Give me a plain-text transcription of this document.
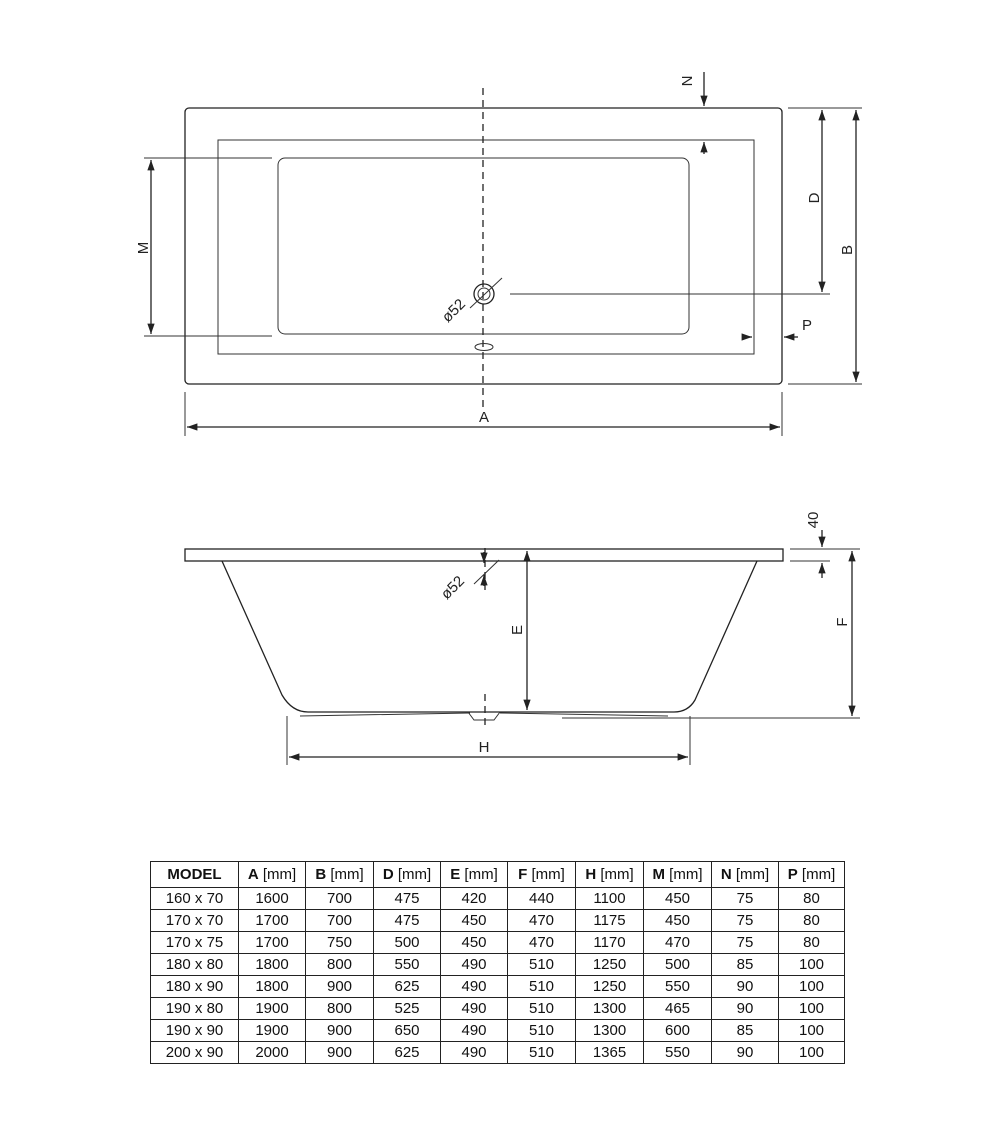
M
N
D
B
P
A
ø52
ø52
E
40
F
H
MODEL	A [mm]	B [mm]	D [mm]	E [mm]	F [mm]	H [mm]	M [mm]	N [mm]	P [mm]
160 x 70	1600	700	475	420	440	1100	450	75	80
170 x 70	1700	700	475	450	470	1175	450	75	80
170 x 75	1700	750	500	450	470	1170	470	75	80
180 x 80	1800	800	550	490	510	1250	500	85	100
180 x 90	1800	900	625	490	510	1250	550	90	100
190 x 80	1900	800	525	490	510	1300	465	90	100
190 x 90	1900	900	650	490	510	1300	600	85	100
200 x 90	2000	900	625	490	510	1365	550	90	100
